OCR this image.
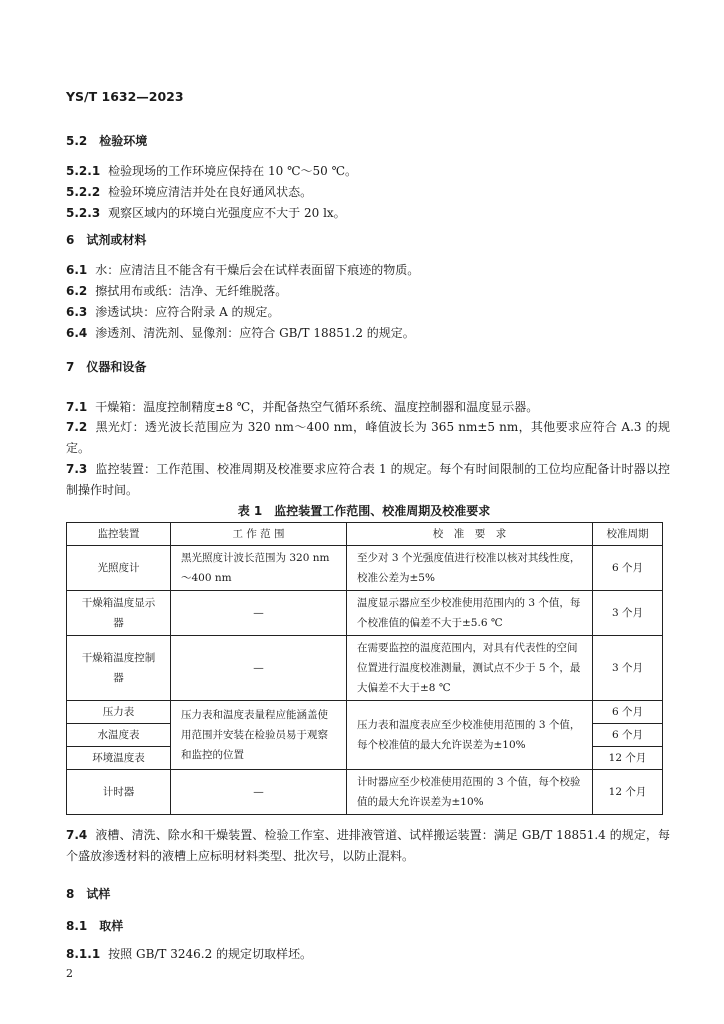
YS/T 1632—2023
5.2　检验环境
5.2.1 检验现场的工作环境应保持在 10 ℃～50 ℃。
5.2.2 检验环境应清洁并处在良好通风状态。
5.2.3 观察区域内的环境白光强度应不大于 20 lx。
6　试剂或材料
6.1 水：应清洁且不能含有干燥后会在试样表面留下痕迹的物质。
6.2 擦拭用布或纸：洁净、无纤维脱落。
6.3 渗透试块：应符合附录 A 的规定。
6.4 渗透剂、清洗剂、显像剂：应符合 GB/T 18851.2 的规定。
7　仪器和设备
7.1 干燥箱：温度控制精度±8 ℃，并配备热空气循环系统、温度控制器和温度显示器。
7.2 黑光灯：透光波长范围应为 320 nm～400 nm，峰值波长为 365 nm±5 nm，其他要求应符合 A.3 的规定。
7.3 监控装置：工作范围、校准周期及校准要求应符合表 1 的规定。每个有时间限制的工位均应配备计时器以控制操作时间。
表 1　监控装置工作范围、校准周期及校准要求
监控装置	工 作 范 围	校　准　要　求	校准周期
光照度计	黑光照度计波长范围为 320 nm～400 nm	至少对 3 个光强度值进行校准以核对其线性度，校准公差为±5%	6 个月
干燥箱温度显示器	—	温度显示器应至少校准使用范围内的 3 个值，每个校准值的偏差不大于±5.6 ℃	3 个月
干燥箱温度控制器	—	在需要监控的温度范围内，对具有代表性的空间位置进行温度校准测量，测试点不少于 5 个，最大偏差不大于±8 ℃	3 个月
压力表	压力表和温度表量程应能涵盖使用范围并安装在检验员易于观察和监控的位置	压力表和温度表应至少校准使用范围的 3 个值，每个校准值的最大允许误差为±10%	6 个月
水温度表			6 个月
环境温度表			12 个月
计时器	—	计时器应至少校准使用范围的 3 个值，每个校验值的最大允许误差为±10%	12 个月
7.4 液槽、清洗、除水和干燥装置、检验工作室、进排液管道、试样搬运装置：满足 GB/T 18851.4 的规定，每个盛放渗透材料的液槽上应标明材料类型、批次号，以防止混料。
8　试样
8.1　取样
8.1.1 按照 GB/T 3246.2 的规定切取样坯。
2
